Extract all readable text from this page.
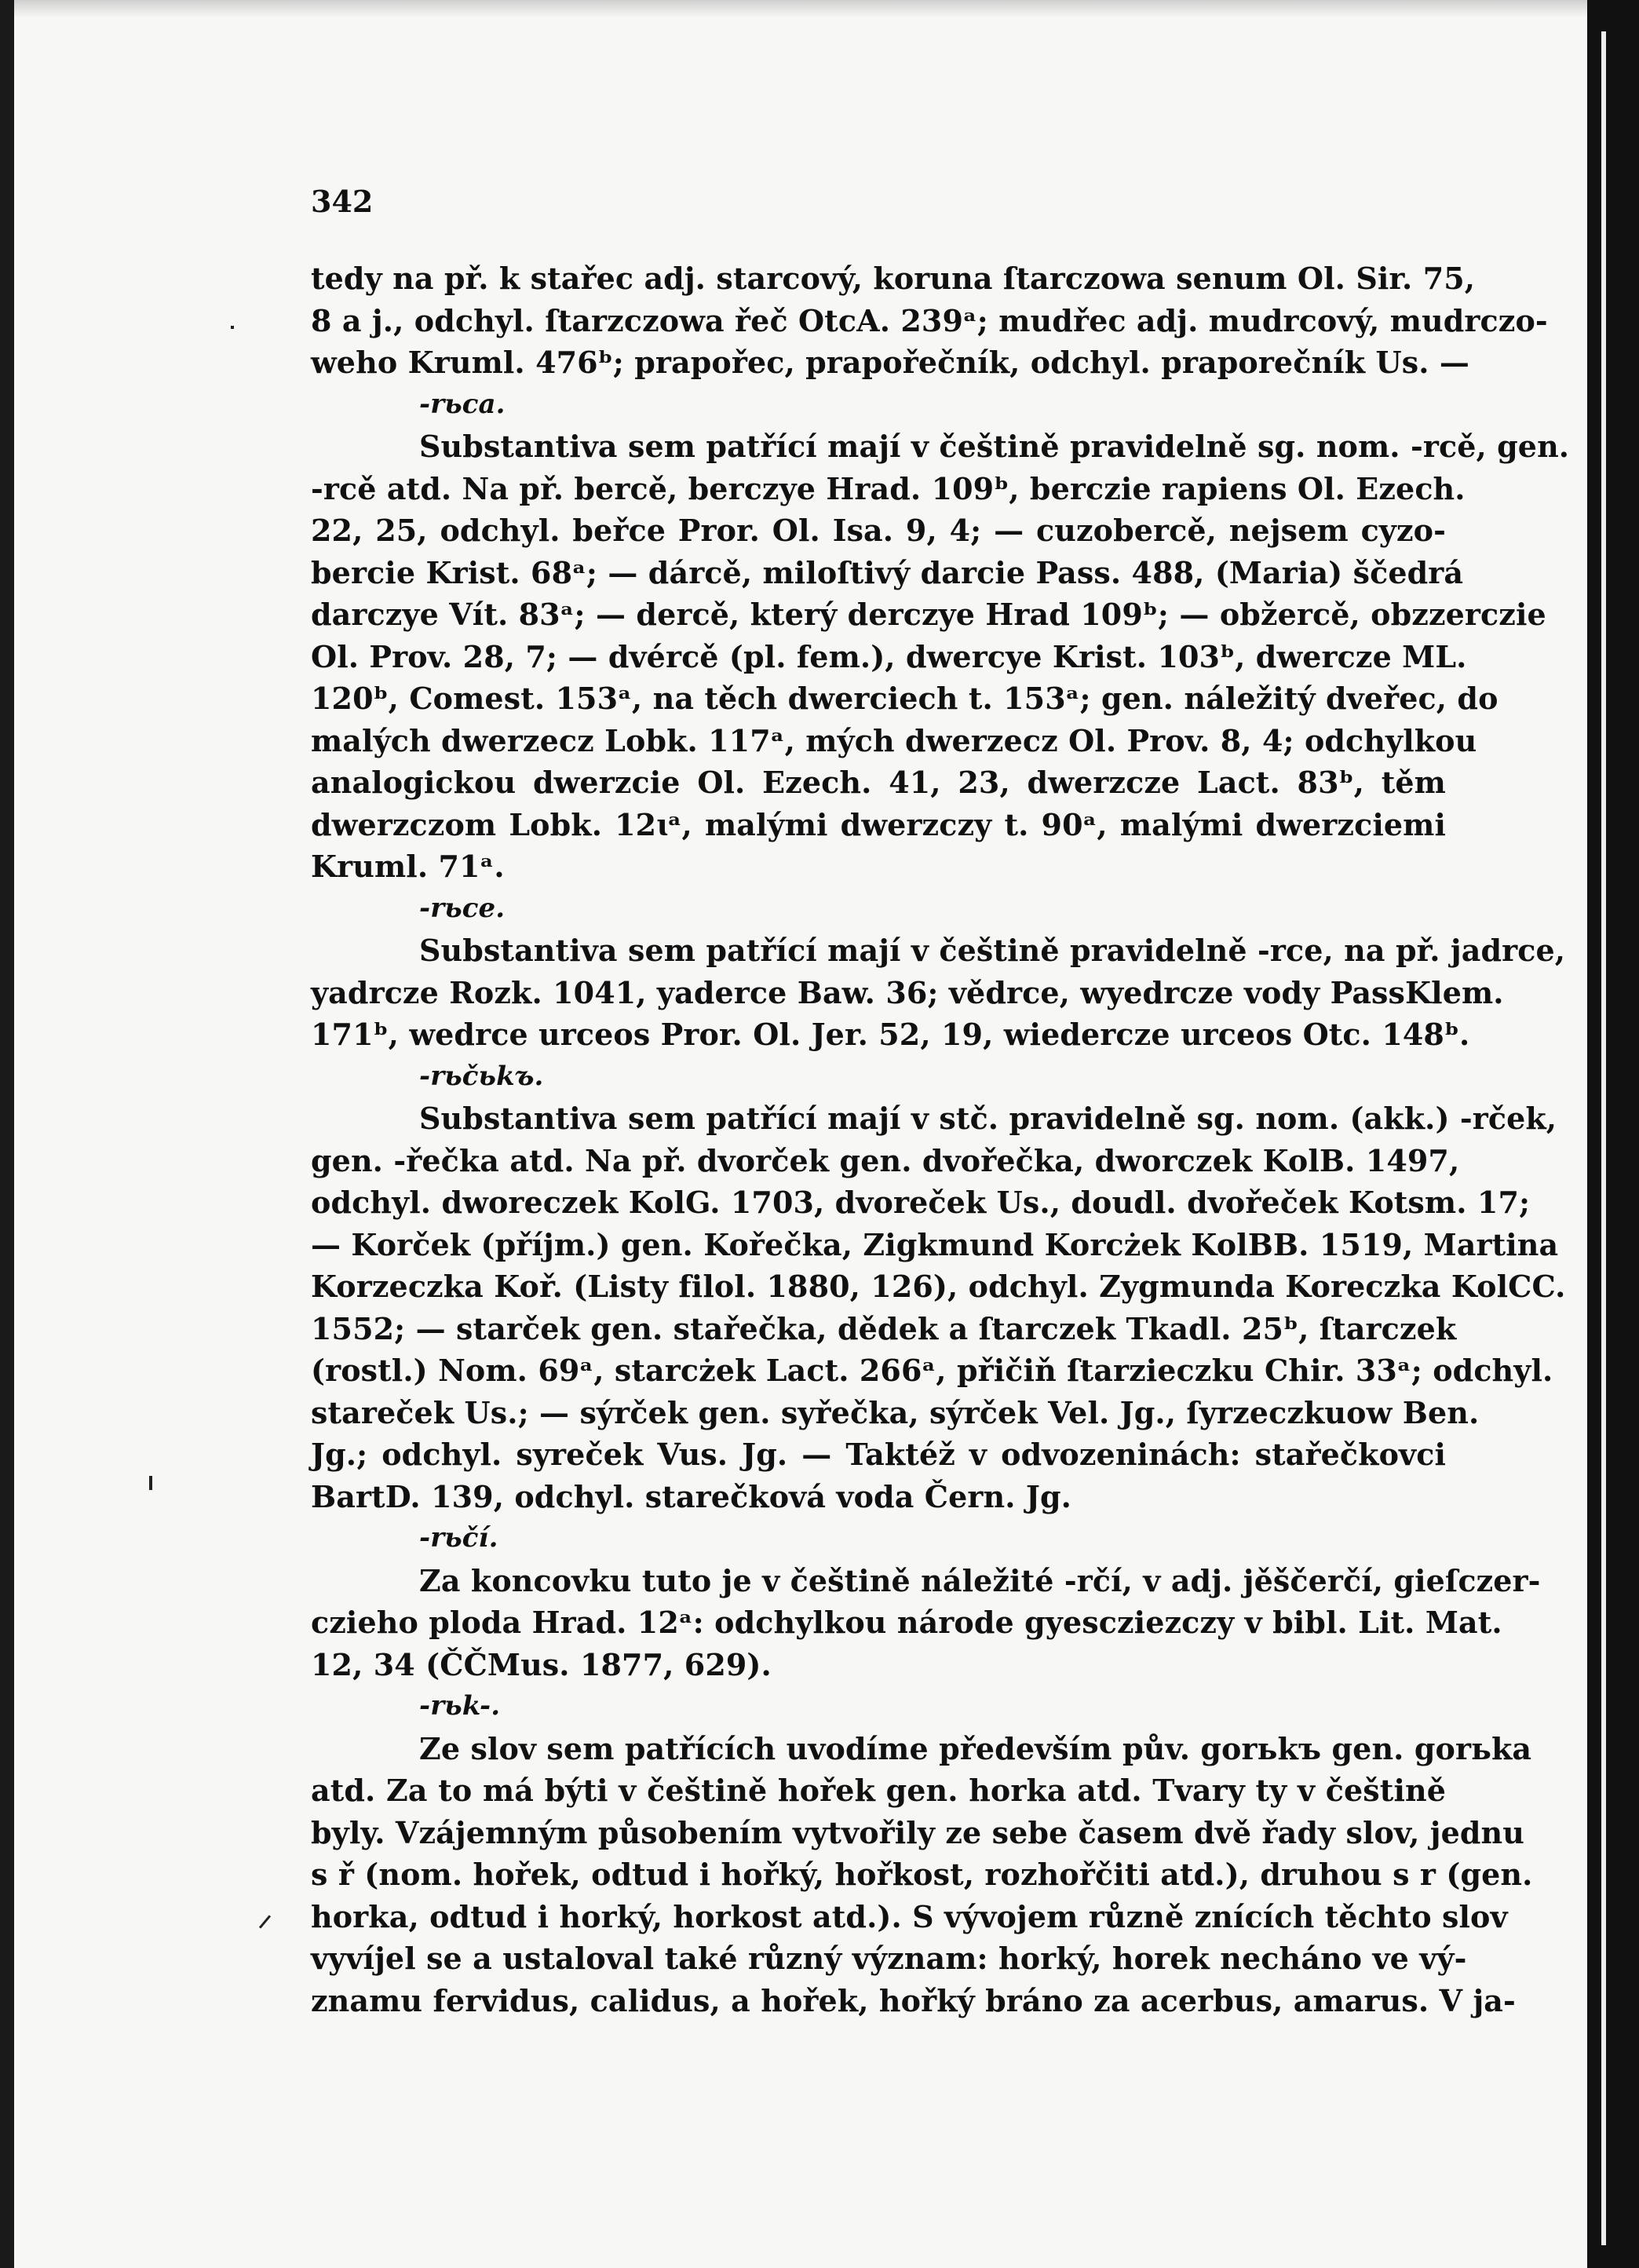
342
tedy na př. k stařec adj. starcový, koruna ſtarczowa senum Ol. Sir. 75,
8 a j., odchyl. ſtarzczowa řeč OtcA. 239ᵃ; mudřec adj. mudrcový, mudrczo-
weho Kruml. 476ᵇ; prapořec, prapořečník, odchyl. praporečník Us. —
-rьca.
Substantiva sem patřící mají v češtině pravidelně sg. nom. -rcě, gen.
-rcě atd. Na př. bercě, berczye Hrad. 109ᵇ, berczie rapiens Ol. Ezech.
22, 25, odchyl. beřce Pror. Ol. Isa. 9, 4; — cuzobercě, nejsem cyzo-
bercie Krist. 68ᵃ; — dárcě, miloſtivý darcie Pass. 488, (Maria) ščedrá
darczye Vít. 83ᵃ; — dercě, který derczye Hrad 109ᵇ; — obžercě, obzzerczie
Ol. Prov. 28, 7; — dvércě (pl. fem.), dwercye Krist. 103ᵇ, dwercze ML.
120ᵇ, Comest. 153ᵃ, na těch dwerciech t. 153ᵃ; gen. náležitý dveřec, do
malých dwerzecz Lobk. 117ᵃ, mých dwerzecz Ol. Prov. 8, 4; odchylkou
analogickou dwerzcie Ol. Ezech. 41, 23, dwerzcze Lact. 83ᵇ, těm
dwerzczom Lobk. 12ɩᵃ, malými dwerzczy t. 90ᵃ, malými dwerzciemi
Kruml. 71ᵃ.
-rьce.
Substantiva sem patřící mají v češtině pravidelně -rce, na př. jadrce,
yadrcze Rozk. 1041, yaderce Baw. 36; vědrce, wyedrcze vody PassKlem.
171ᵇ, wedrce urceos Pror. Ol. Jer. 52, 19, wiedercze urceos Otc. 148ᵇ.
-rьčьkъ.
Substantiva sem patřící mají v stč. pravidelně sg. nom. (akk.) -rček,
gen. -řečka atd. Na př. dvorček gen. dvořečka, dworczek KolB. 1497,
odchyl. dworeczek KolG. 1703, dvoreček Us., doudl. dvořeček Kotsm. 17;
— Korček (příjm.) gen. Kořečka, Zigkmund Korcżek KolBB. 1519, Martina
Korzeczka Koř. (Listy filol. 1880, 126), odchyl. Zygmunda Koreczka KolCC.
1552; — starček gen. stařečka, dědek a ſtarczek Tkadl. 25ᵇ, ſtarczek
(rostl.) Nom. 69ᵃ, starcżek Lact. 266ᵃ, přičiň ſtarzieczku Chir. 33ᵃ; odchyl.
stareček Us.; — sýrček gen. syřečka, sýrček Vel. Jg., ſyrzeczkuow Ben.
Jg.; odchyl. syreček Vus. Jg. — Taktéž v odvozeninách: stařečkovci
BartD. 139, odchyl. starečková voda Čern. Jg.
-rьčí.
Za koncovku tuto je v češtině náležité -rčí, v adj. jěščerčí, gieſczer-
czieho ploda Hrad. 12ᵃ: odchylkou národe gyescziezczy v bibl. Lit. Mat.
12, 34 (ČČMus. 1877, 629).
-rьk-.
Ze slov sem patřících uvodíme především pův. gorьkъ gen. gorьka
atd. Za to má býti v češtině hořek gen. horka atd. Tvary ty v češtině
byly. Vzájemným působením vytvořily ze sebe časem dvě řady slov, jednu
s ř (nom. hořek, odtud i hořký, hořkost, rozhořčiti atd.), druhou s r (gen.
horka, odtud i horký, horkost atd.). S vývojem různě znících těchto slov
vyvíjel se a ustaloval také různý význam: horký, horek necháno ve vý-
znamu fervidus, calidus, a hořek, hořký bráno za acerbus, amarus. V ja-
